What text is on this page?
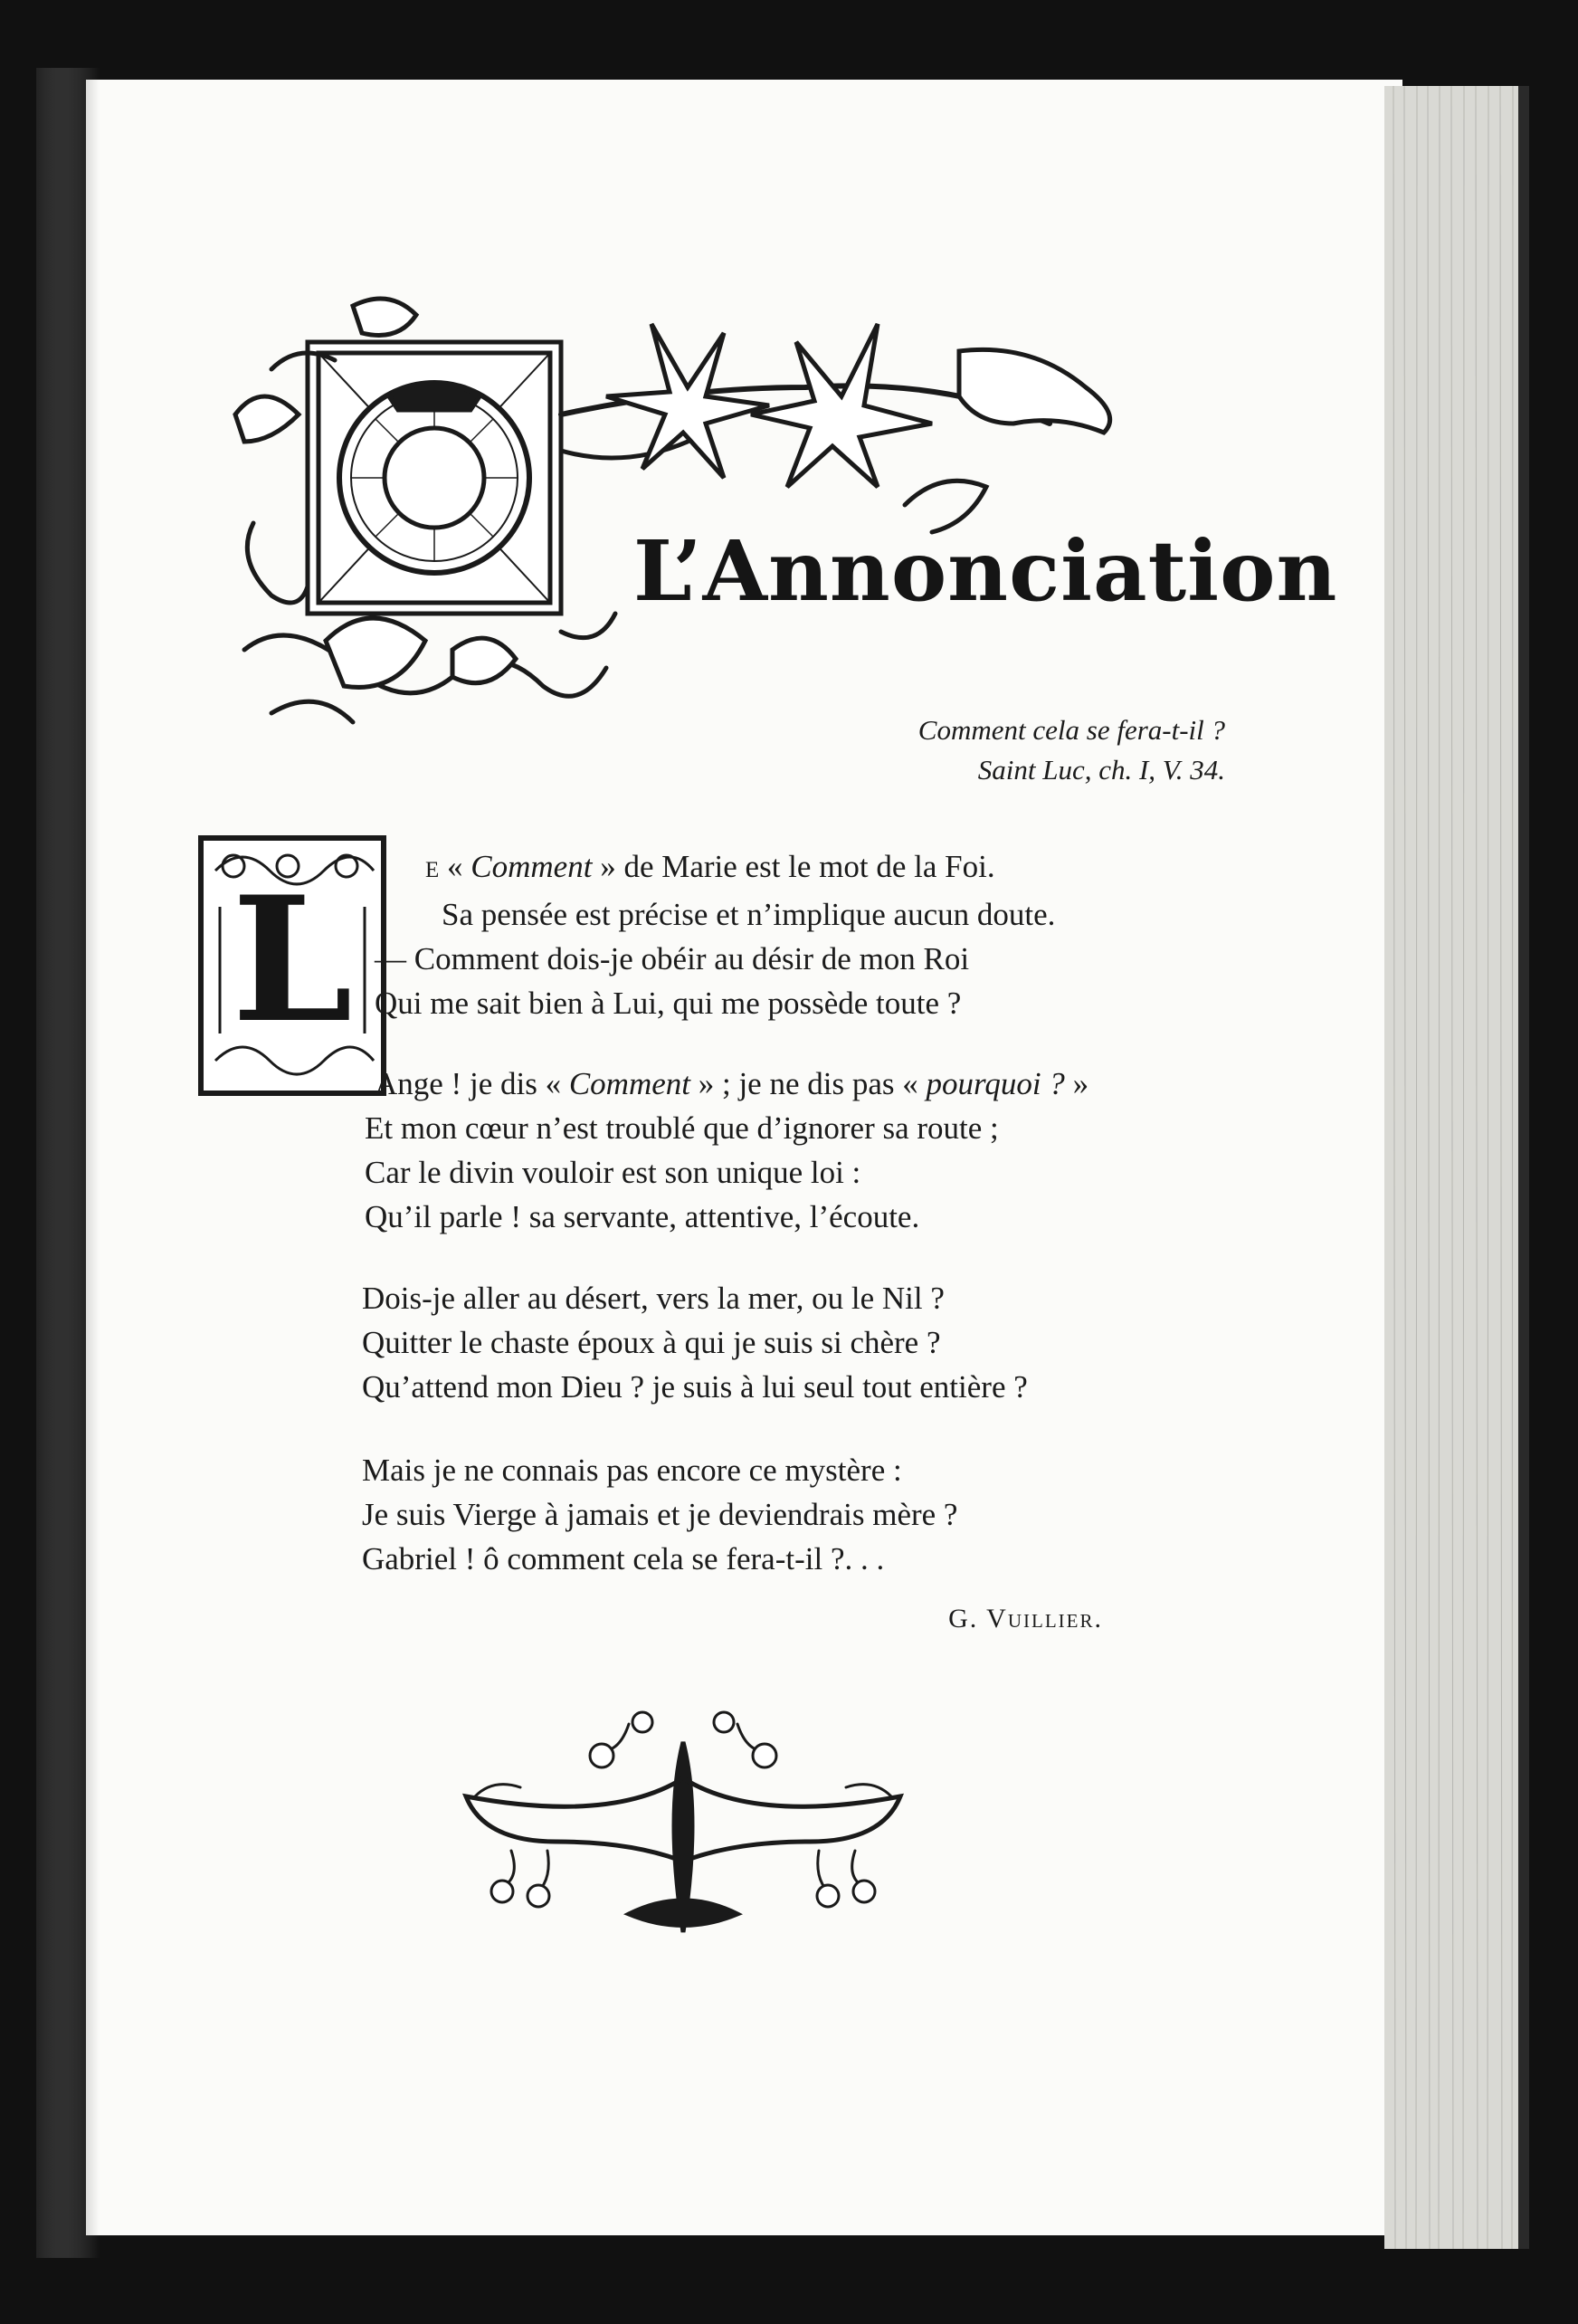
L’Annonciation
Comment cela se fera-t-il ?
Saint Luc, ch. I, V. 34.
L e « Comment » de Marie est le mot de la Foi.
Sa pensée est précise et n’implique aucun doute.
— Comment dois-je obéir au désir de mon Roi
Qui me sait bien à Lui, qui me possède toute ?
Ange ! je dis « Comment » ; je ne dis pas « pourquoi ? »
Et mon cœur n’est troublé que d’ignorer sa route ;
Car le divin vouloir est son unique loi :
Qu’il parle ! sa servante, attentive, l’écoute.
Dois-je aller au désert, vers la mer, ou le Nil ?
Quitter le chaste époux à qui je suis si chère ?
Qu’attend mon Dieu ? je suis à lui seul tout entière ?
Mais je ne connais pas encore ce mystère :
Je suis Vierge à jamais et je deviendrais mère ?
Gabriel ! ô comment cela se fera-t-il ?. . .
G. Vuillier.
